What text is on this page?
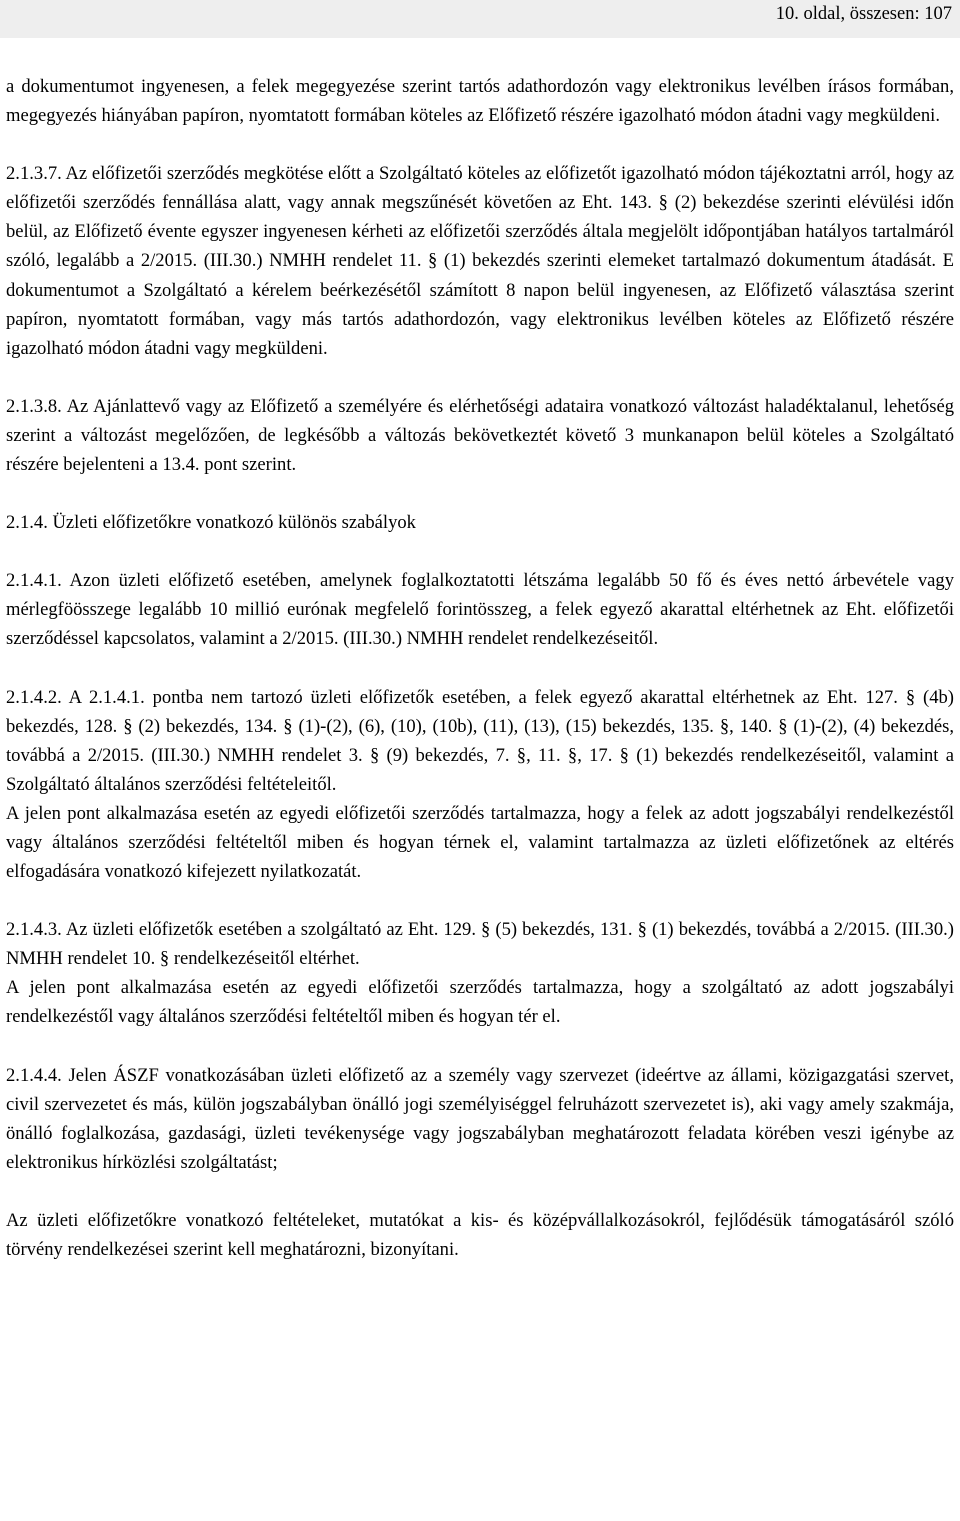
10. oldal, összesen: 107

a dokumentumot ingyenesen, a felek megegyezése szerint tartós adathordozón vagy elektronikus levélben írásos formában, megegyezés hiányában papíron, nyomtatott formában köteles az Előfizető részére igazolható módon átadni vagy megküldeni.

2.1.3.7. Az előfizetői szerződés megkötése előtt a Szolgáltató köteles az előfizetőt igazolható módon tájékoztatni arról, hogy az előfizetői szerződés fennállása alatt, vagy annak megszűnését követően az Eht. 143. § (2) bekezdése szerinti elévülési időn belül, az Előfizető évente egyszer ingyenesen kérheti az előfizetői szerződés általa megjelölt időpontjában hatályos tartalmáról szóló, legalább a 2/2015. (III.30.) NMHH rendelet 11. § (1) bekezdés szerinti elemeket tartalmazó dokumentum átadását. E dokumentumot a Szolgáltató a kérelem beérkezésétől számított 8 napon belül ingyenesen, az Előfizető választása szerint papíron, nyomtatott formában, vagy más tartós adathordozón, vagy elektronikus levélben köteles az Előfizető részére igazolható módon átadni vagy megküldeni.

2.1.3.8. Az Ajánlattevő vagy az Előfizető a személyére és elérhetőségi adataira vonatkozó változást haladéktalanul, lehetőség szerint a változást megelőzően, de legkésőbb a változás bekövetkeztét követő 3 munkanapon belül köteles a Szolgáltató részére bejelenteni a 13.4. pont szerint.

2.1.4. Üzleti előfizetőkre vonatkozó különös szabályok

2.1.4.1. Azon üzleti előfizető esetében, amelynek foglalkoztatotti létszáma legalább 50 fő és éves nettó árbevétele vagy mérlegföösszege legalább 10 millió eurónak megfelelő forintösszeg, a felek egyező akarattal eltérhetnek az Eht. előfizetői szerződéssel kapcsolatos, valamint a 2/2015. (III.30.) NMHH rendelet rendelkezéseitől.

2.1.4.2. A 2.1.4.1. pontba nem tartozó üzleti előfizetők esetében, a felek egyező akarattal eltérhetnek az Eht. 127. § (4b) bekezdés, 128. § (2) bekezdés, 134. § (1)-(2), (6), (10), (10b), (11), (13), (15) bekezdés, 135. §, 140. § (1)-(2), (4) bekezdés, továbbá a 2/2015. (III.30.) NMHH rendelet 3. § (9) bekezdés, 7. §, 11. §, 17. § (1) bekezdés rendelkezéseitől, valamint a Szolgáltató általános szerződési feltételeitől.

A jelen pont alkalmazása esetén az egyedi előfizetői szerződés tartalmazza, hogy a felek az adott jogszabályi rendelkezéstől vagy általános szerződési feltételtől miben és hogyan térnek el, valamint tartalmazza az üzleti előfizetőnek az eltérés elfogadására vonatkozó kifejezett nyilatkozatát.

2.1.4.3. Az üzleti előfizetők esetében a szolgáltató az Eht. 129. § (5) bekezdés, 131. § (1) bekezdés, továbbá a 2/2015. (III.30.) NMHH rendelet 10. § rendelkezéseitől eltérhet.

A jelen pont alkalmazása esetén az egyedi előfizetői szerződés tartalmazza, hogy a szolgáltató az adott jogszabályi rendelkezéstől vagy általános szerződési feltételtől miben és hogyan tér el.

2.1.4.4. Jelen ÁSZF vonatkozásában üzleti előfizető az a személy vagy szervezet (ideértve az állami, közigazgatási szervet, civil szervezetet és más, külön jogszabályban önálló jogi személyiséggel felruházott szervezetet is), aki vagy amely szakmája, önálló foglalkozása, gazdasági, üzleti tevékenysége vagy jogszabályban meghatározott feladata körében veszi igénybe az elektronikus hírközlési szolgáltatást;

Az üzleti előfizetőkre vonatkozó feltételeket, mutatókat a kis- és középvállalkozásokról, fejlődésük támogatásáról szóló törvény rendelkezései szerint kell meghatározni, bizonyítani.
